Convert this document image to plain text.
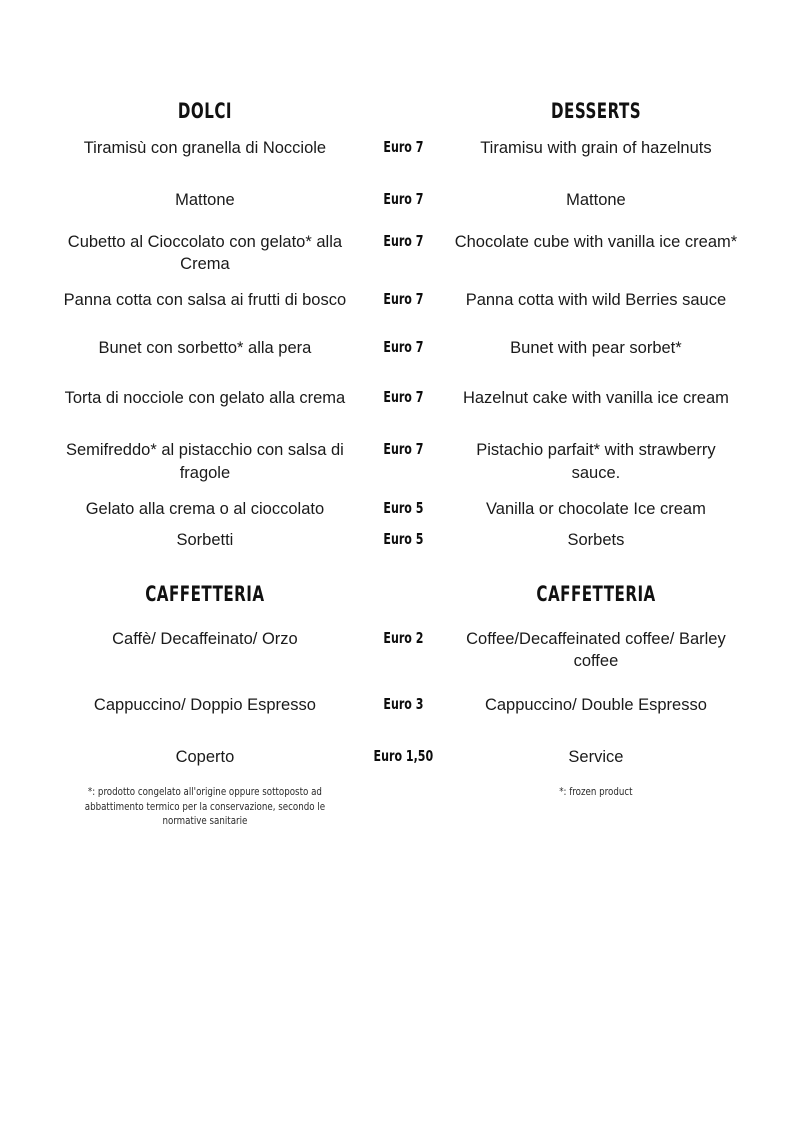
DOLCI		DESSERTS

Tiramisù con granella di Nocciole	Euro 7	Tiramisu with grain of hazelnuts

Mattone	Euro 7	Mattone

Cubetto al Cioccolato con gelato* alla Crema	Euro 7	Chocolate cube with vanilla ice cream*

Panna cotta con salsa ai frutti di bosco	Euro 7	Panna cotta with wild Berries sauce

Bunet con sorbetto* alla pera	Euro 7	Bunet with pear sorbet*

Torta di nocciole con gelato alla crema	Euro 7	Hazelnut cake with vanilla ice cream

Semifreddo* al pistacchio con salsa di fragole	Euro 7	Pistachio parfait* with strawberry sauce.

Gelato alla crema o al cioccolato	Euro 5	Vanilla or chocolate Ice cream

Sorbetti	Euro 5	Sorbets

CAFFETTERIA		CAFFETTERIA

Caffè/ Decaffeinato/ Orzo	Euro 2	Coffee/Decaffeinated coffee/ Barley coffee

Cappuccino/ Doppio Espresso	Euro 3	Cappuccino/ Double Espresso

Coperto	Euro 1,50	Service

*: prodotto congelato all'origine oppure sottoposto ad abbattimento termico per la conservazione, secondo le normative sanitarie		*: frozen product
